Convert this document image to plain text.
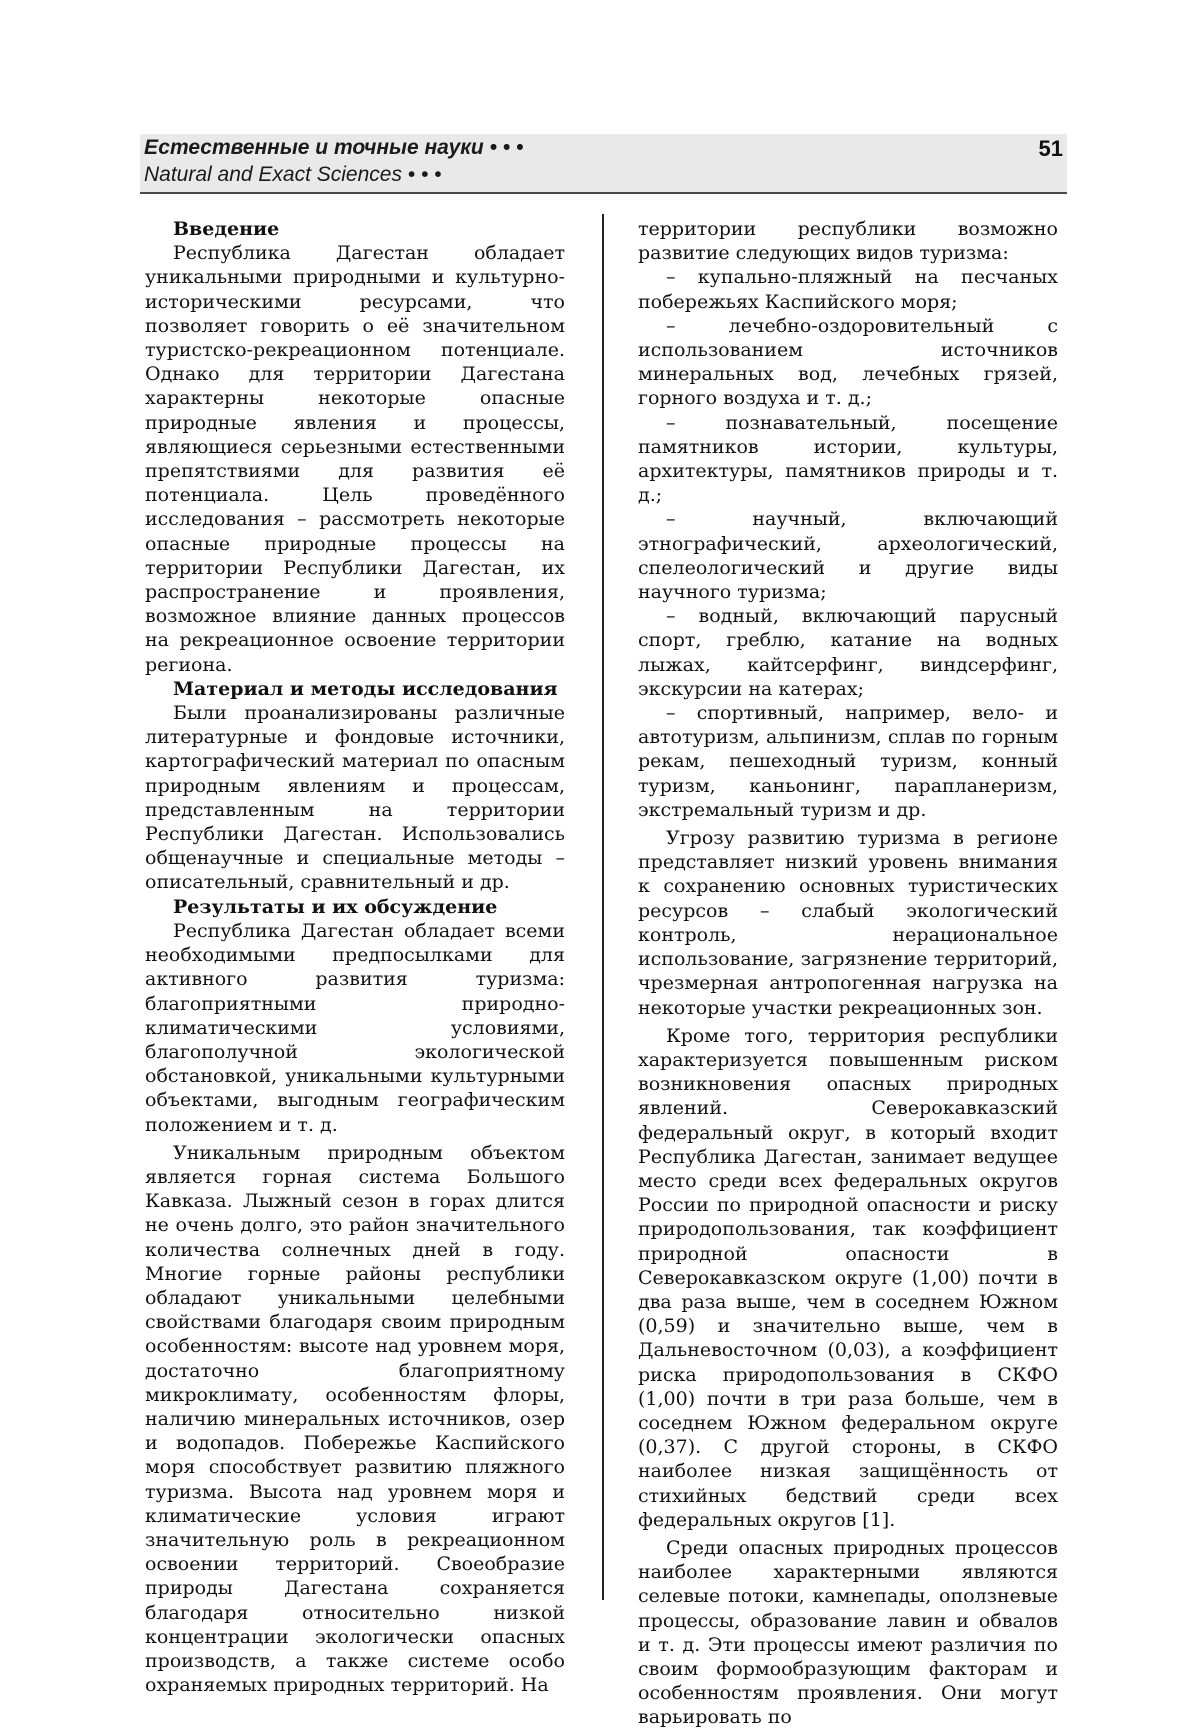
Естественные и точные науки • • •
Natural and Exact Sciences • • •
51
Введение

Республика Дагестан обладает уникальными природными и культурно-историческими ресурсами, что позволяет говорить о её значительном туристско-рекреационном потенциале. Однако для территории Дагестана характерны некоторые опасные природные явления и процессы, являющиеся серьезными естественными препятствиями для развития её потенциала. Цель проведённого исследования – рассмотреть некоторые опасные природные процессы на территории Республики Дагестан, их распространение и проявления, возможное влияние данных процессов на рекреационное освоение территории региона.

Материал и методы исследования

Были проанализированы различные литературные и фондовые источники, картографический материал по опасным природным явлениям и процессам, представленным на территории Республики Дагестан. Использовались общенаучные и специальные методы – описательный, сравнительный и др.

Результаты и их обсуждение

Республика Дагестан обладает всеми необходимыми предпосылками для активного развития туризма: благоприятными природно-климатическими условиями, благополучной экологической обстановкой, уникальными культурными объектами, выгодным географическим положением и т. д.

Уникальным природным объектом является горная система Большого Кавказа. Лыжный сезон в горах длится не очень долго, это район значительного количества солнечных дней в году. Многие горные районы республики обладают уникальными целебными свойствами благодаря своим природным особенностям: высоте над уровнем моря, достаточно благоприятному микроклимату, особенностям флоры, наличию минеральных источников, озер и водопадов. Побережье Каспийского моря способствует развитию пляжного туризма. Высота над уровнем моря и климатические условия играют значительную роль в рекреационном освоении территорий. Своеобразие природы Дагестана сохраняется благодаря относительно низкой концентрации экологически опасных производств, а также системе особо охраняемых природных территорий. На

территории республики возможно развитие следующих видов туризма:

– купально-пляжный на песчаных побережьях Каспийского моря;

– лечебно-оздоровительный с использованием источников минеральных вод, лечебных грязей, горного воздуха и т. д.;

– познавательный, посещение памятников истории, культуры, архитектуры, памятников природы и т. д.;

– научный, включающий этнографический, археологический, спелеологический и другие виды научного туризма;

– водный, включающий парусный спорт, греблю, катание на водных лыжах, кайтсерфинг, виндсерфинг, экскурсии на катерах;

– спортивный, например, вело- и автотуризм, альпинизм, сплав по горным рекам, пешеходный туризм, конный туризм, каньонинг, парапланеризм, экстремальный туризм и др.

Угрозу развитию туризма в регионе представляет низкий уровень внимания к сохранению основных туристических ресурсов – слабый экологический контроль, нерациональное использование, загрязнение территорий, чрезмерная антропогенная нагрузка на некоторые участки рекреационных зон.

Кроме того, территория республики характеризуется повышенным риском возникновения опасных природных явлений. Северокавказский федеральный округ, в который входит Республика Дагестан, занимает ведущее место среди всех федеральных округов России по природной опасности и риску природопользования, так коэффициент природной опасности в Северокавказском округе (1,00) почти в два раза выше, чем в соседнем Южном (0,59) и значительно выше, чем в Дальневосточном (0,03), а коэффициент риска природопользования в СКФО (1,00) почти в три раза больше, чем в соседнем Южном федеральном округе (0,37). С другой стороны, в СКФО наиболее низкая защищённость от стихийных бедствий среди всех федеральных округов [1].

Среди опасных природных процессов наиболее характерными являются селевые потоки, камнепады, оползневые процессы, образование лавин и обвалов и т. д. Эти процессы имеют различия по своим формообразующим факторам и особенностям проявления. Они могут варьировать по
